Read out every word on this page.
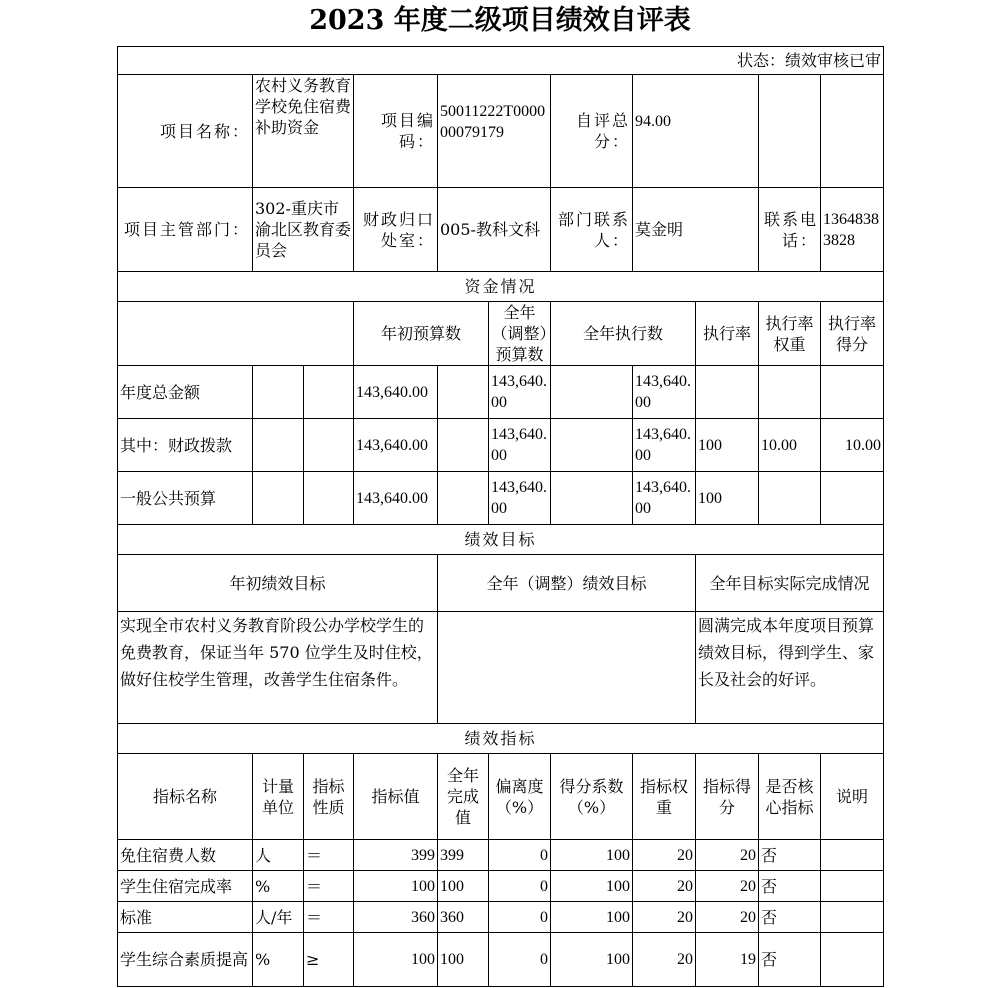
2023 年度二级项目绩效自评表
状态：绩效审核已审										
项目名称：	农村义务教育学校免住宿费补助资金		项目编码：	50011222T000000079179		自评总分：	94.00			
项目主管部门：	302-重庆市渝北区教育委员会		财政归口处室：	005-教科文科		部门联系人：	莫金明		联系电话：	13648383828
资金情况										
			年初预算数		全年（调整）预算数	全年执行数		执行率	执行率权重	执行率得分
年度总金额			143,640.00		143,640.00		143,640.00			
其中：财政拨款			143,640.00		143,640.00		143,640.00	100	10.00	10.00
一般公共预算			143,640.00		143,640.00		143,640.00	100		
绩效目标										
年初绩效目标				全年（调整）绩效目标				全年目标实际完成情况		
实现全市农村义务教育阶段公办学校学生的免费教育，保证当年 570 位学生及时住校，做好住校学生管理，改善学生住宿条件。								圆满完成本年度项目预算绩效目标，得到学生、家长及社会的好评。		
绩效指标										
指标名称	计量单位	指标性质	指标值	全年完成值	偏离度（%）	得分系数（%）	指标权重	指标得分	是否核心指标	说明
免住宿费人数	人	＝	399	399	0	100	20	20	否	
学生住宿完成率	%	＝	100	100	0	100	20	20	否	
标准	人/年	＝	360	360	0	100	20	20	否	
学生综合素质提高	%	≥	100	100	0	100	20	19	否	
